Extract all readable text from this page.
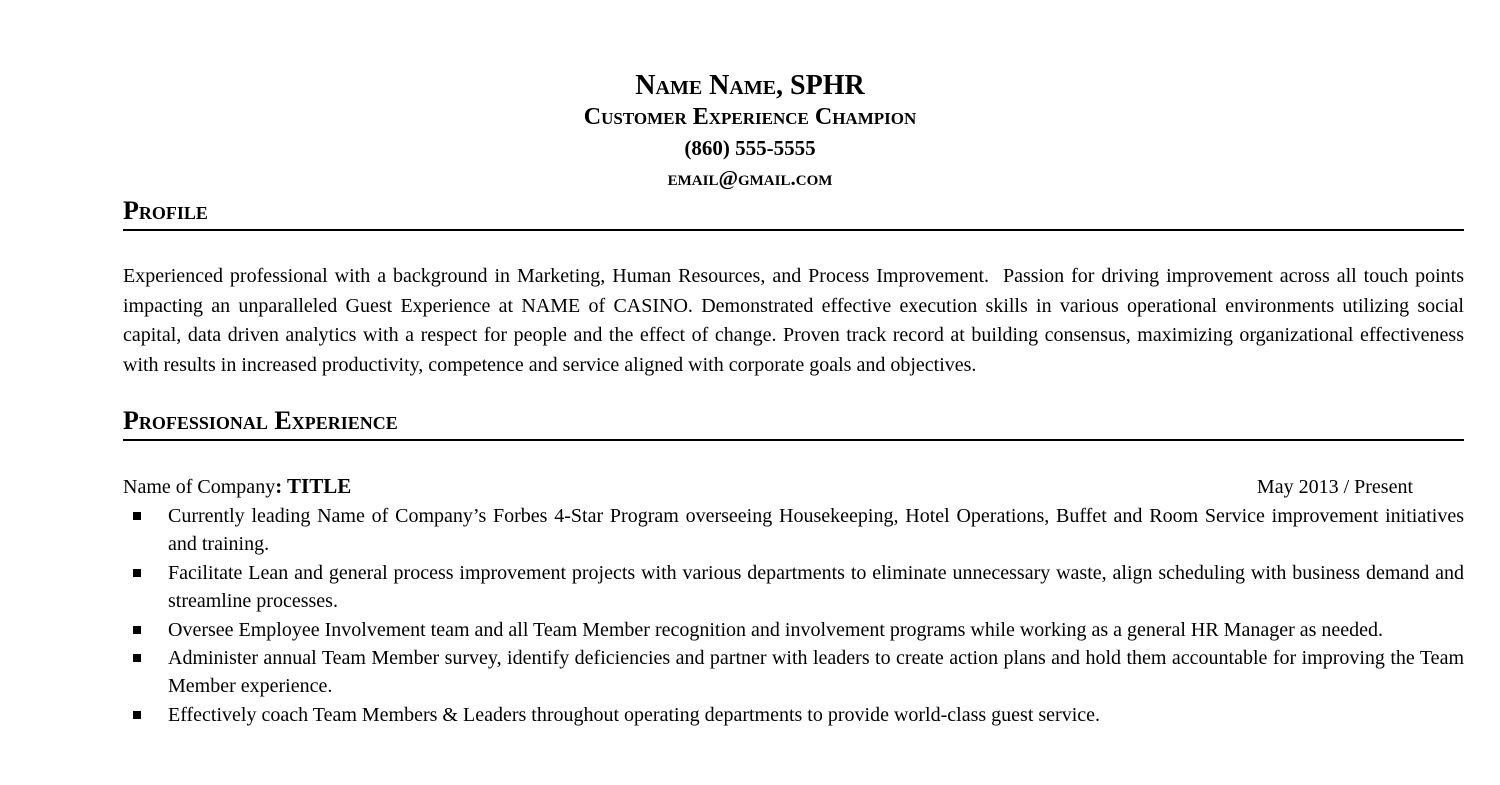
Name Name, SPHR
Customer Experience Champion
(860) 555-5555
email@gmail.com
Profile

Experienced professional with a background in Marketing, Human Resources, and Process Improvement.  Passion for driving improvement across all touch points impacting an unparalleled Guest Experience at NAME of CASINO. Demonstrated effective execution skills in various operational environments utilizing social capital, data driven analytics with a respect for people and the effect of change. Proven track record at building consensus, maximizing organizational effectiveness with results in increased productivity, competence and service aligned with corporate goals and objectives.

Professional Experience
Name of Company: TITLE	May 2013 / Present
Currently leading Name of Company’s Forbes 4-Star Program overseeing Housekeeping, Hotel Operations, Buffet and Room Service improvement initiatives and training.
Facilitate Lean and general process improvement projects with various departments to eliminate unnecessary waste, align scheduling with business demand and streamline processes.
Oversee Employee Involvement team and all Team Member recognition and involvement programs while working as a general HR Manager as needed.
Administer annual Team Member survey, identify deficiencies and partner with leaders to create action plans and hold them accountable for improving the Team Member experience.
Effectively coach Team Members & Leaders throughout operating departments to provide world-class guest service.
